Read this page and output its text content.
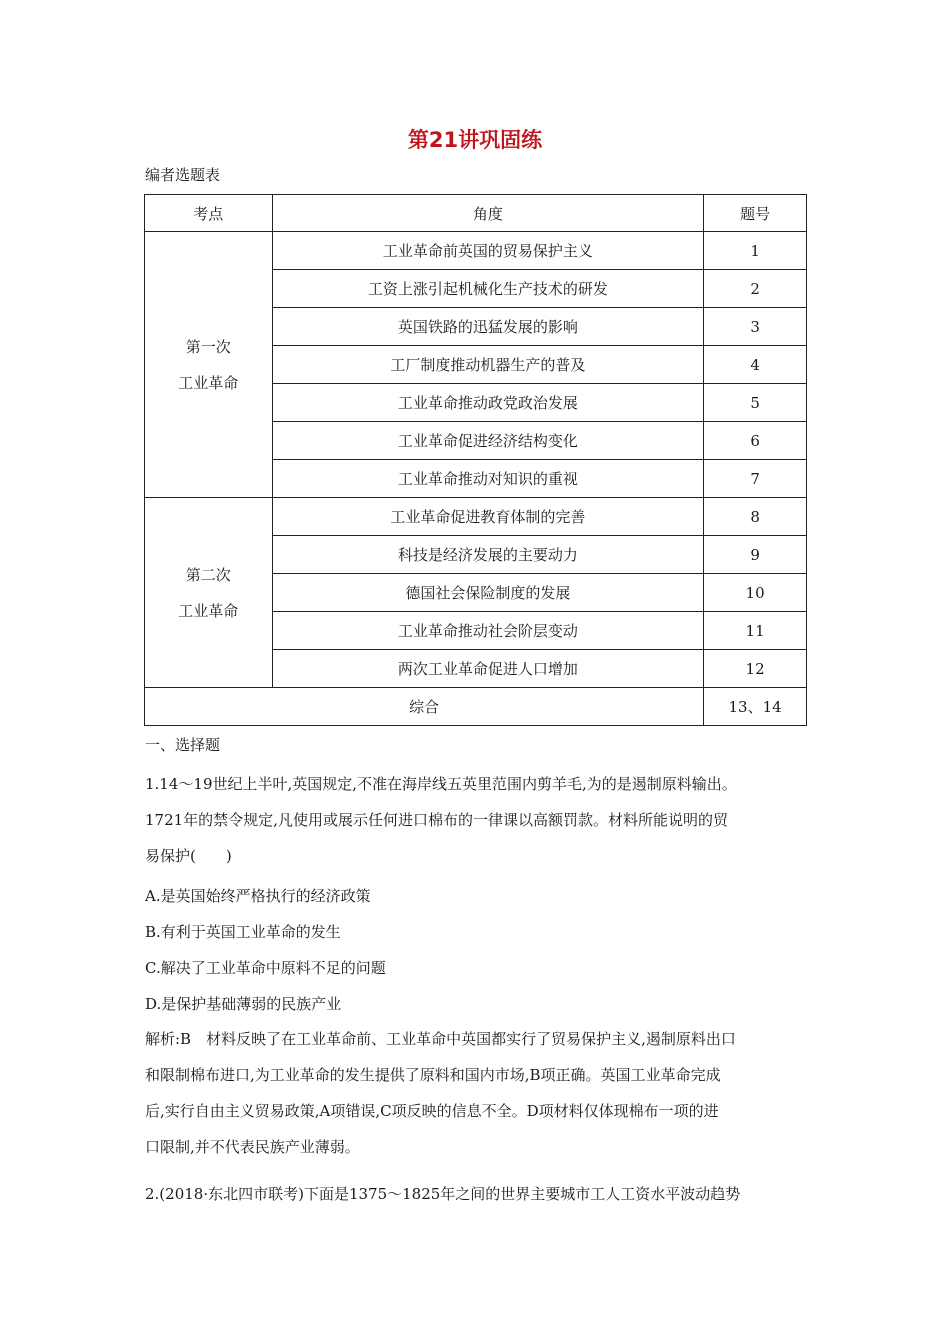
第21讲巩固练
编者选题表
考点	角度	题号

第一次
工业革命	工业革命前英国的贸易保护主义	1
	工资上涨引起机械化生产技术的研发	2
	英国铁路的迅猛发展的影响	3
	工厂制度推动机器生产的普及	4
	工业革命推动政党政治发展	5
	工业革命促进经济结构变化	6
	工业革命推动对知识的重视	7

第二次
工业革命	工业革命促进教育体制的完善	8
	科技是经济发展的主要动力	9
	德国社会保险制度的发展	10
	工业革命推动社会阶层变动	11
	两次工业革命促进人口增加	12
综合		13、14
一、选择题

1.14～19世纪上半叶,英国规定,不准在海岸线五英里范围内剪羊毛,为的是遏制原料输出。

1721年的禁令规定,凡使用或展示任何进口棉布的一律课以高额罚款。材料所能说明的贸

易保护(　　)

A.是英国始终严格执行的经济政策

B.有利于英国工业革命的发生

C.解决了工业革命中原料不足的问题

D.是保护基础薄弱的民族产业

解析:B　材料反映了在工业革命前、工业革命中英国都实行了贸易保护主义,遏制原料出口

和限制棉布进口,为工业革命的发生提供了原料和国内市场,B项正确。英国工业革命完成

后,实行自由主义贸易政策,A项错误,C项反映的信息不全。D项材料仅体现棉布一项的进

口限制,并不代表民族产业薄弱。

2.(2018·东北四市联考)下面是1375～1825年之间的世界主要城市工人工资水平波动趋势
